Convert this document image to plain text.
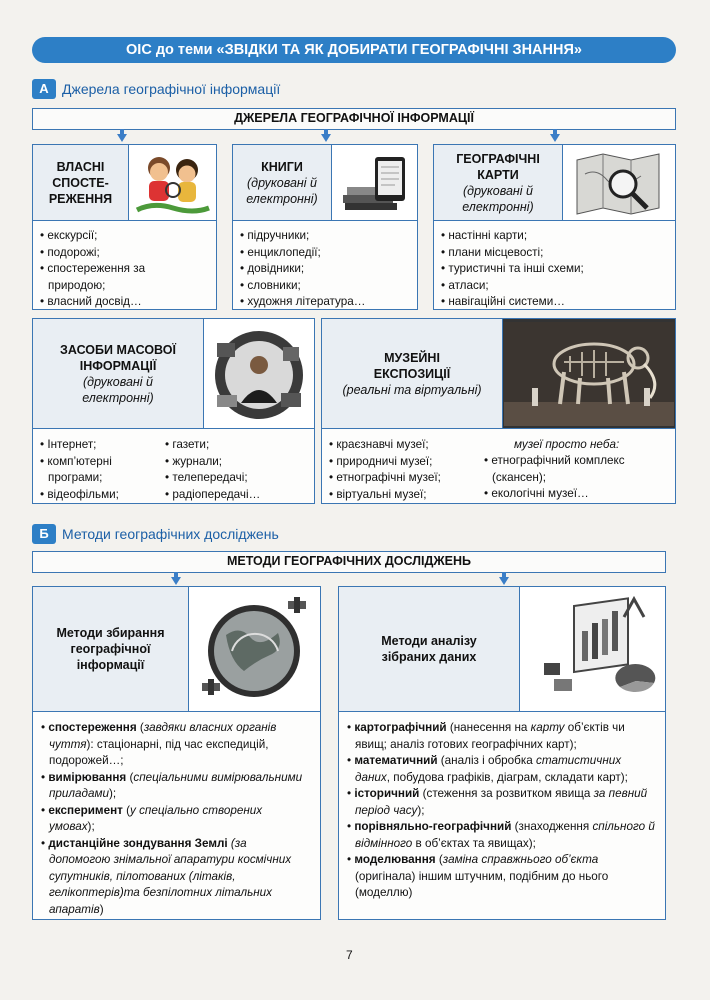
ОІС до теми «ЗВІДКИ ТА ЯК ДОБИРАТИ ГЕОГРАФІЧНІ ЗНАННЯ»
А Джерела географічної інформації
ДЖЕРЕЛА ГЕОГРАФІЧНОЇ ІНФОРМАЦІЇ
ВЛАСНІ
СПОСТЕ-
РЕЖЕННЯ
• екскурсії;
• подорожі;
• спостереження за
природою;
• власний досвід…
КНИГИ
(друковані й електронні)
• підручники;
• енциклопедії;
• довідники;
• словники;
• художня література…
ГЕОГРАФІЧНІ
КАРТИ
(друковані й електронні)
• настінні карти;
• плани місцевості;
• туристичні та інші схеми;
• атласи;
• навігаційні системи…
ЗАСОБИ МАСОВОЇ
ІНФОРМАЦІЇ
(друковані й електронні)
• Інтернет;
• комп’ютерні
програми;
• відеофільми;
• газети;
• журнали;
• телепередачі;
• радіопередачі…
МУЗЕЙНІ
ЕКСПОЗИЦІЇ
(реальні та віртуальні)
• краєзнавчі музеї;
• природничі музеї;
• етнографічні музеї;
• віртуальні музеї;
музеї просто неба:
• етнографічний комплекс
(скансен);
• екологічні музеї…
Б Методи географічних досліджень
МЕТОДИ ГЕОГРАФІЧНИХ ДОСЛІДЖЕНЬ
Методи збирання
географічної
інформації
• спостереження (завдяки власних органів чуття): стаціонарні, під час експедицій, подорожей…;
• вимірювання (спеціальними вимірювальними приладами);
• експеримент (у спеціально створених умовах);
• дистанційне зондування Землі (за допомогою знімальної апаратури космічних супутників, пілотованих (літаків, гелікоптерів)та безпілотних літальних апаратів)
Методи аналізу
зібраних даних
• картографічний (нанесення на карту об’єктів чи явищ; аналіз готових географічних карт);
• математичний (аналіз і обробка статистичних даних, побудова графіків, діаграм, складати карт);
• історичний (стеження за розвитком явища за певний період часу);
• порівняльно-географічний (знаходження спільного й відмінного в об’єктах та явищах);
• моделювання (заміна справжнього об’єкта (оригінала) іншим штучним, подібним до нього (моделлю)
7
